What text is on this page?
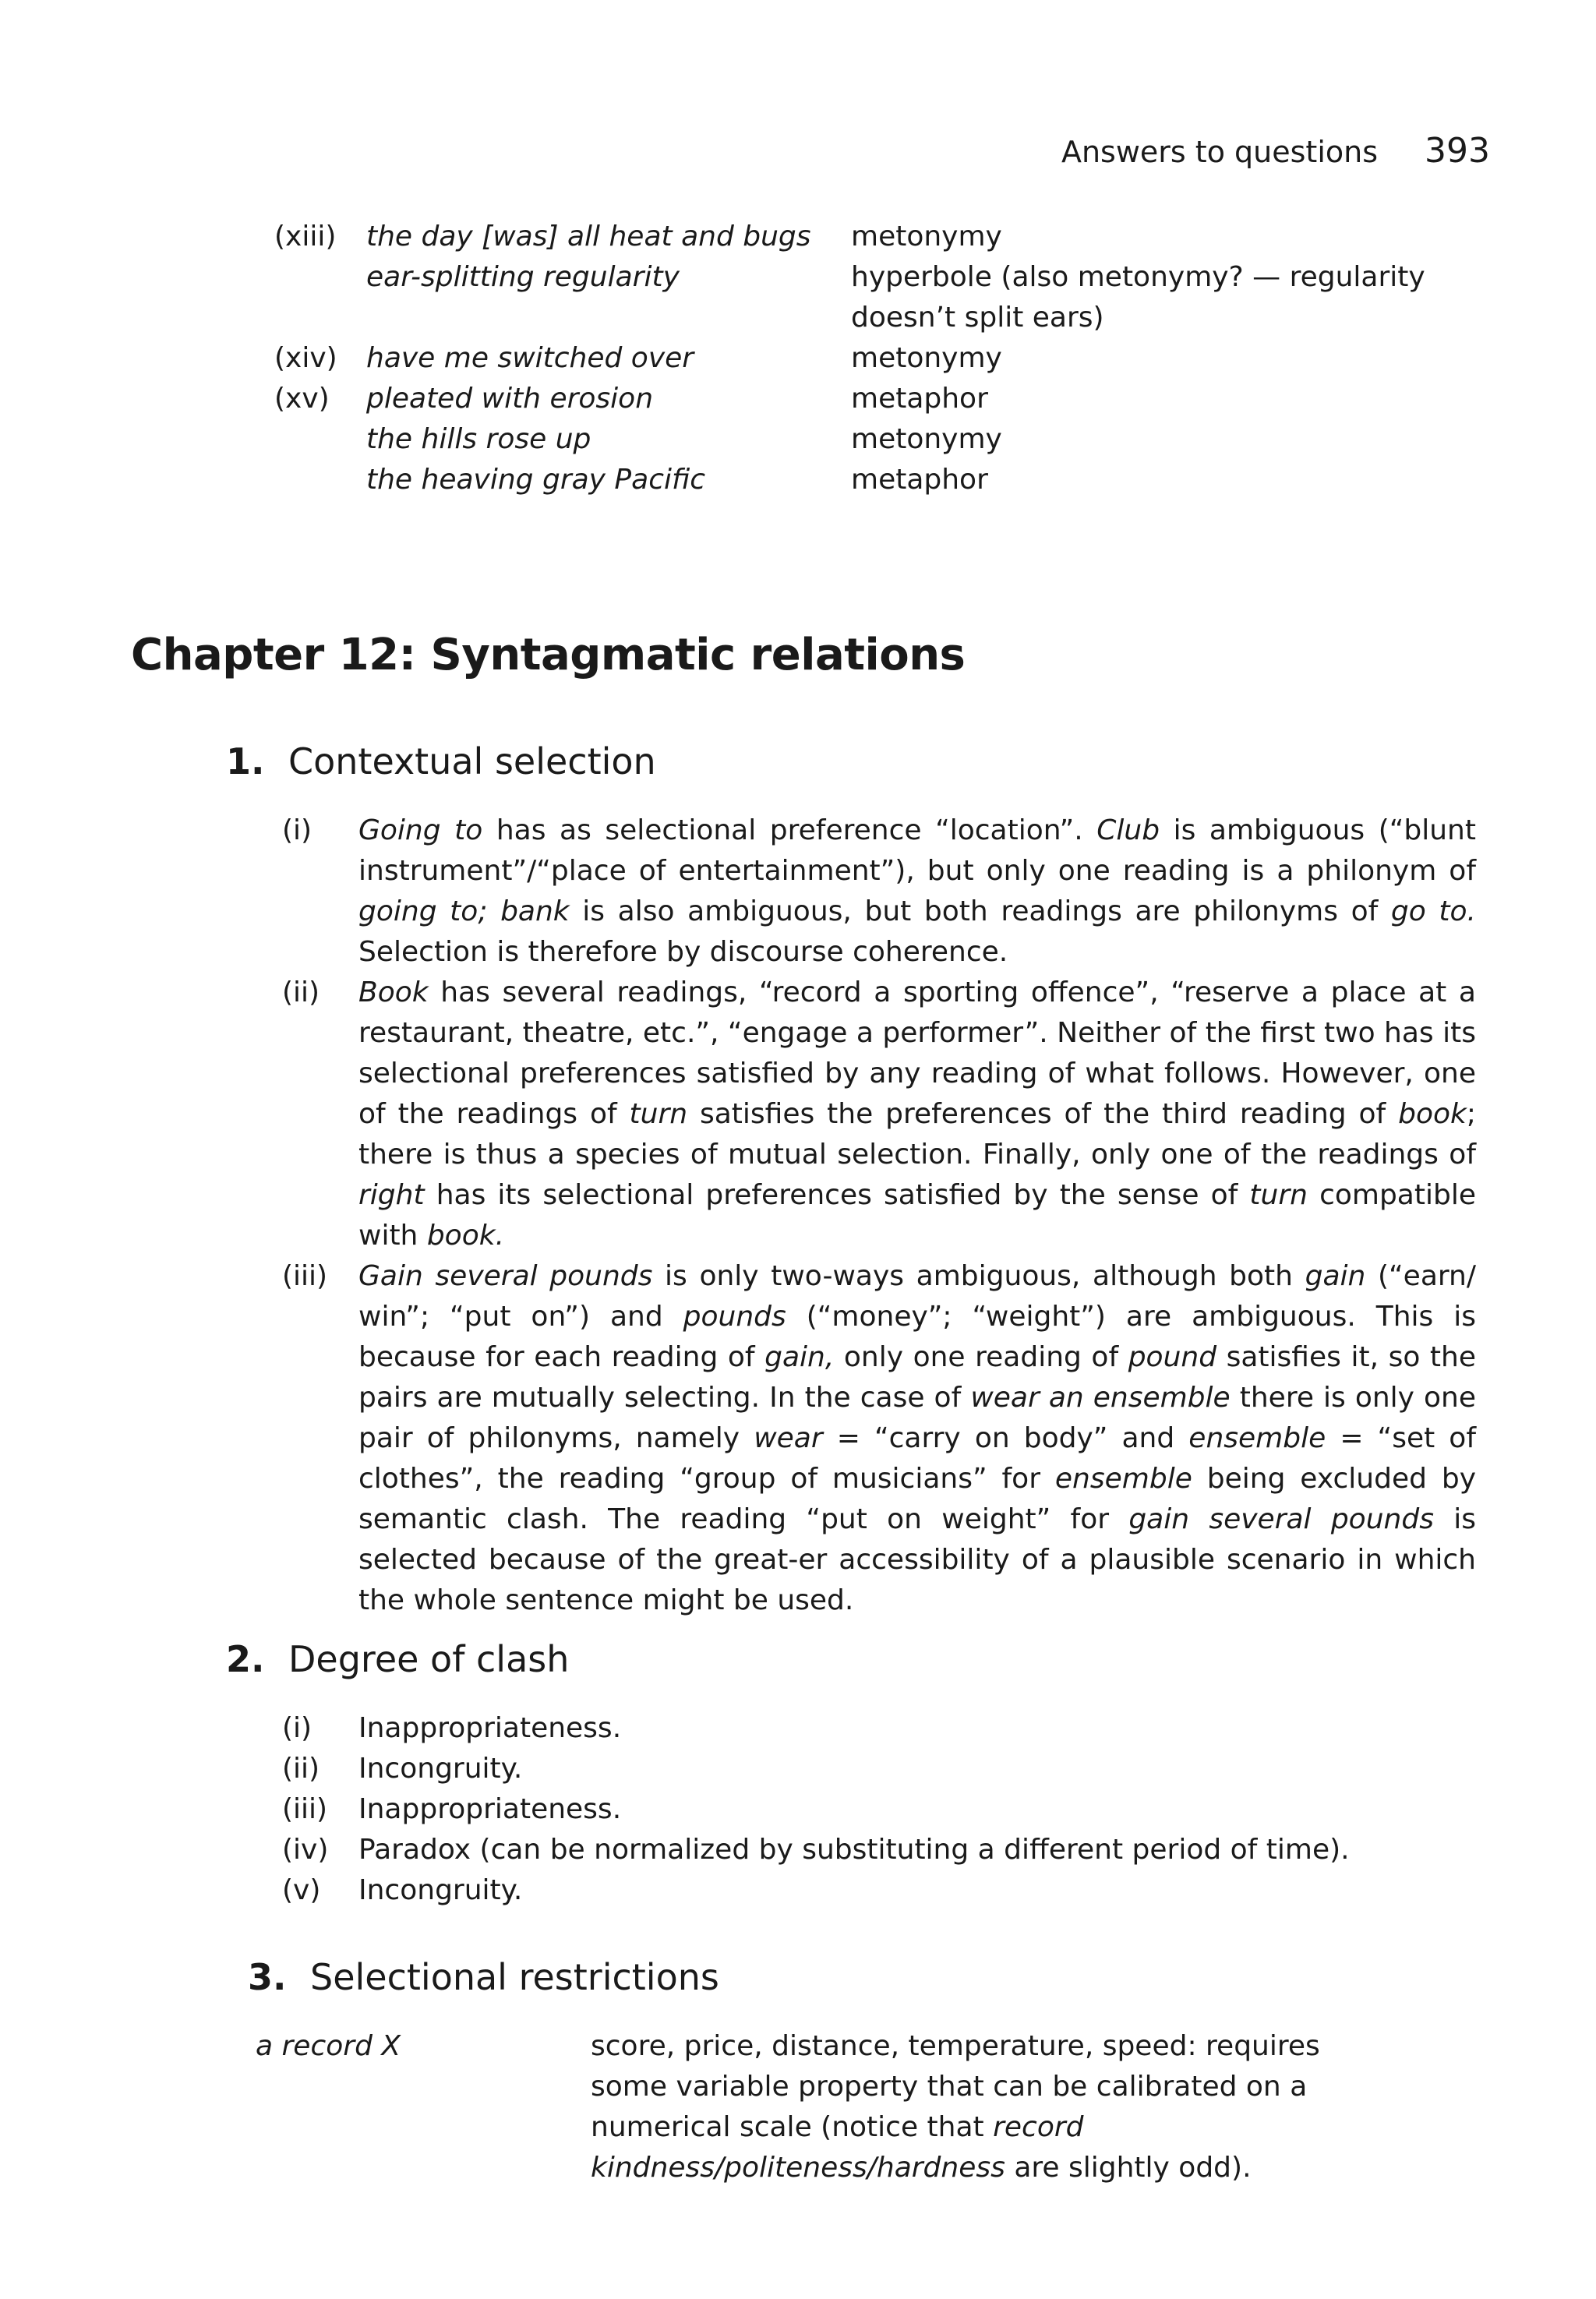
Answers to questions 393
(xiii)	the day [was] all heat and bugs	metonymy
ear-splitting regularity	hyperbole (also metonymy? — regularity
doesn’t split ears)
(xiv)	have me switched over	metonymy
(xv)	pleated with erosion	metaphor
the hills rose up	metonymy
the heaving gray Pacific	metaphor
Chapter 12: Syntagmatic relations
1. Contextual selection
(i)	Going to has as selectional preference “location”. Club is ambiguous (“blunt instrument”/“place of entertainment”), but only one reading is a philonym of going to; bank is also ambiguous, but both readings are philonyms of go to. Selection is therefore by discourse coherence.
(ii)	Book has several readings, “record a sporting offence”, “reserve a place at a restaurant, theatre, etc.”, “engage a performer”. Neither of the first two has its selectional preferences satisfied by any reading of what follows. However, one of the readings of turn satisfies the preferences of the third reading of book; there is thus a species of mutual selection. Finally, only one of the readings of right has its selectional preferences satisfied by the sense of turn compatible with book.
(iii)	Gain several pounds is only two-ways ambiguous, although both gain (“earn/ win”; “put on”) and pounds (“money”; “weight”) are ambiguous. This is because for each reading of gain, only one reading of pound satisfies it, so the pairs are mutually selecting. In the case of wear an ensemble there is only one pair of philonyms, namely wear = “carry on body” and ensemble = “set of clothes”, the reading “group of musicians” for ensemble being excluded by semantic clash. The reading “put on weight” for gain several pounds is selected because of the great-er accessibility of a plausible scenario in which the whole sentence might be used.
2. Degree of clash
(i)	Inappropriateness.
(ii)	Incongruity.
(iii)	Inappropriateness.
(iv)	Paradox (can be normalized by substituting a different period of time).
(v)	Incongruity.
3. Selectional restrictions
a record X	score, price, distance, temperature, speed: requires some variable property that can be calibrated on a numerical scale (notice that record kindness/politeness/hardness are slightly odd).
